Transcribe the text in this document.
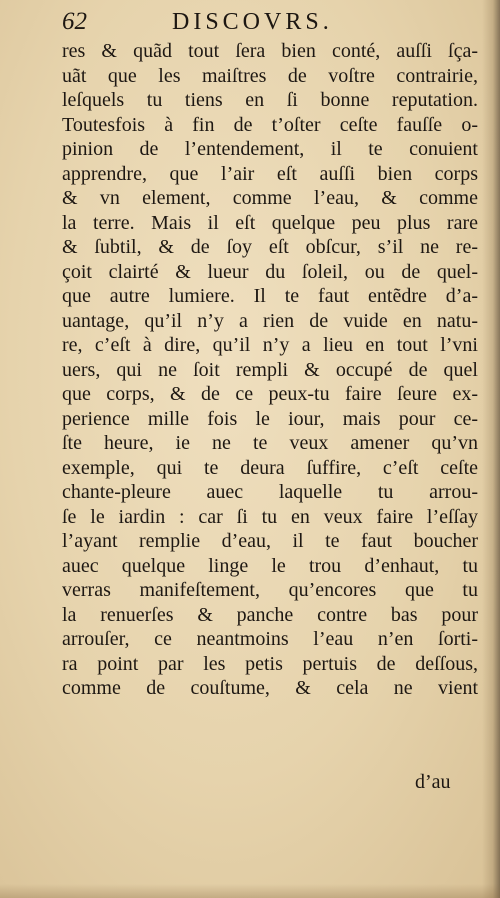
62	DISCOVRS.
res & quãd tout ſera bien conté, auſſi ſça-
uãt que les maiſtres de voſtre contrairie,
leſquels tu tiens en ſi bonne reputation.
Toutesfois à fin de t’oſter ceſte fauſſe o-
pinion de l’entendement, il te conuient
apprendre, que l’air eſt auſſi bien corps
& vn element, comme l’eau, & comme
la terre. Mais il eſt quelque peu plus rare
& ſubtil, & de ſoy eſt obſcur, s’il ne re-
çoit clairté & lueur du ſoleil, ou de quel-
que autre lumiere. Il te faut entẽdre d’a-
uantage, qu’il n’y a rien de vuide en natu-
re, c’eſt à dire, qu’il n’y a lieu en tout l’vni
uers, qui ne ſoit rempli & occupé de quel
que corps, & de ce peux-tu faire ſeure ex-
perience mille fois le iour, mais pour ce-
ſte heure, ie ne te veux amener qu’vn
exemple, qui te deura ſuffire, c’eſt ceſte
chante-pleure auec laquelle tu arrou-
ſe le iardin : car ſi tu en veux faire l’eſſay
l’ayant remplie d’eau, il te faut boucher
auec quelque linge le trou d’enhaut, tu
verras manifeſtement, qu’encores que tu
la renuerſes & panche contre bas pour
arrouſer, ce neantmoins l’eau n’en ſorti-
ra point par les petis pertuis de deſſous,
comme de couſtume, & cela ne vient
d’au
